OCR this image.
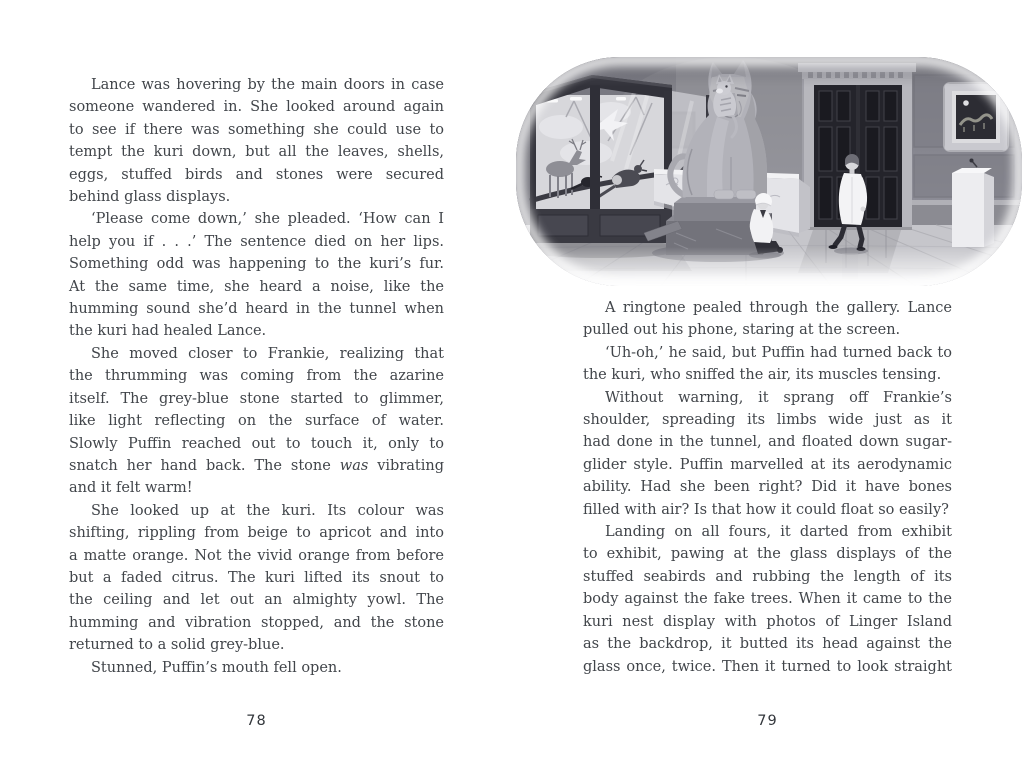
Lance was hovering by the main doors in case
someone wandered in. She looked around again
to see if there was something she could use to
tempt the kuri down, but all the leaves, shells,
eggs, stuffed birds and stones were secured
behind glass displays.
‘Please come down,’ she pleaded. ‘How can I
help you if . . .’ The sentence died on her lips.
Something odd was happening to the kuri’s fur.
At the same time, she heard a noise, like the
humming sound she’d heard in the tunnel when
the kuri had healed Lance.
She moved closer to Frankie, realizing that
the thrumming was coming from the azarine
itself. The grey-blue stone started to glimmer,
like light reflecting on the surface of water.
Slowly Puffin reached out to touch it, only to
snatch her hand back. The stone was vibrating
and it felt warm!
She looked up at the kuri. Its colour was
shifting, rippling from beige to apricot and into
a matte orange. Not the vivid orange from before
but a faded citrus. The kuri lifted its snout to
the ceiling and let out an almighty yowl. The
humming and vibration stopped, and the stone
returned to a solid grey-blue.
Stunned, Puffin’s mouth fell open.
78
A ringtone pealed through the gallery. Lance
pulled out his phone, staring at the screen.
‘Uh-oh,’ he said, but Puffin had turned back to
the kuri, who sniffed the air, its muscles tensing.
Without warning, it sprang off Frankie’s
shoulder, spreading its limbs wide just as it
had done in the tunnel, and floated down sugar-
glider style. Puffin marvelled at its aerodynamic
ability. Had she been right? Did it have bones
filled with air? Is that how it could float so easily?
Landing on all fours, it darted from exhibit
to exhibit, pawing at the glass displays of the
stuffed seabirds and rubbing the length of its
body against the fake trees. When it came to the
kuri nest display with photos of Linger Island
as the backdrop, it butted its head against the
glass once, twice. Then it turned to look straight
79
